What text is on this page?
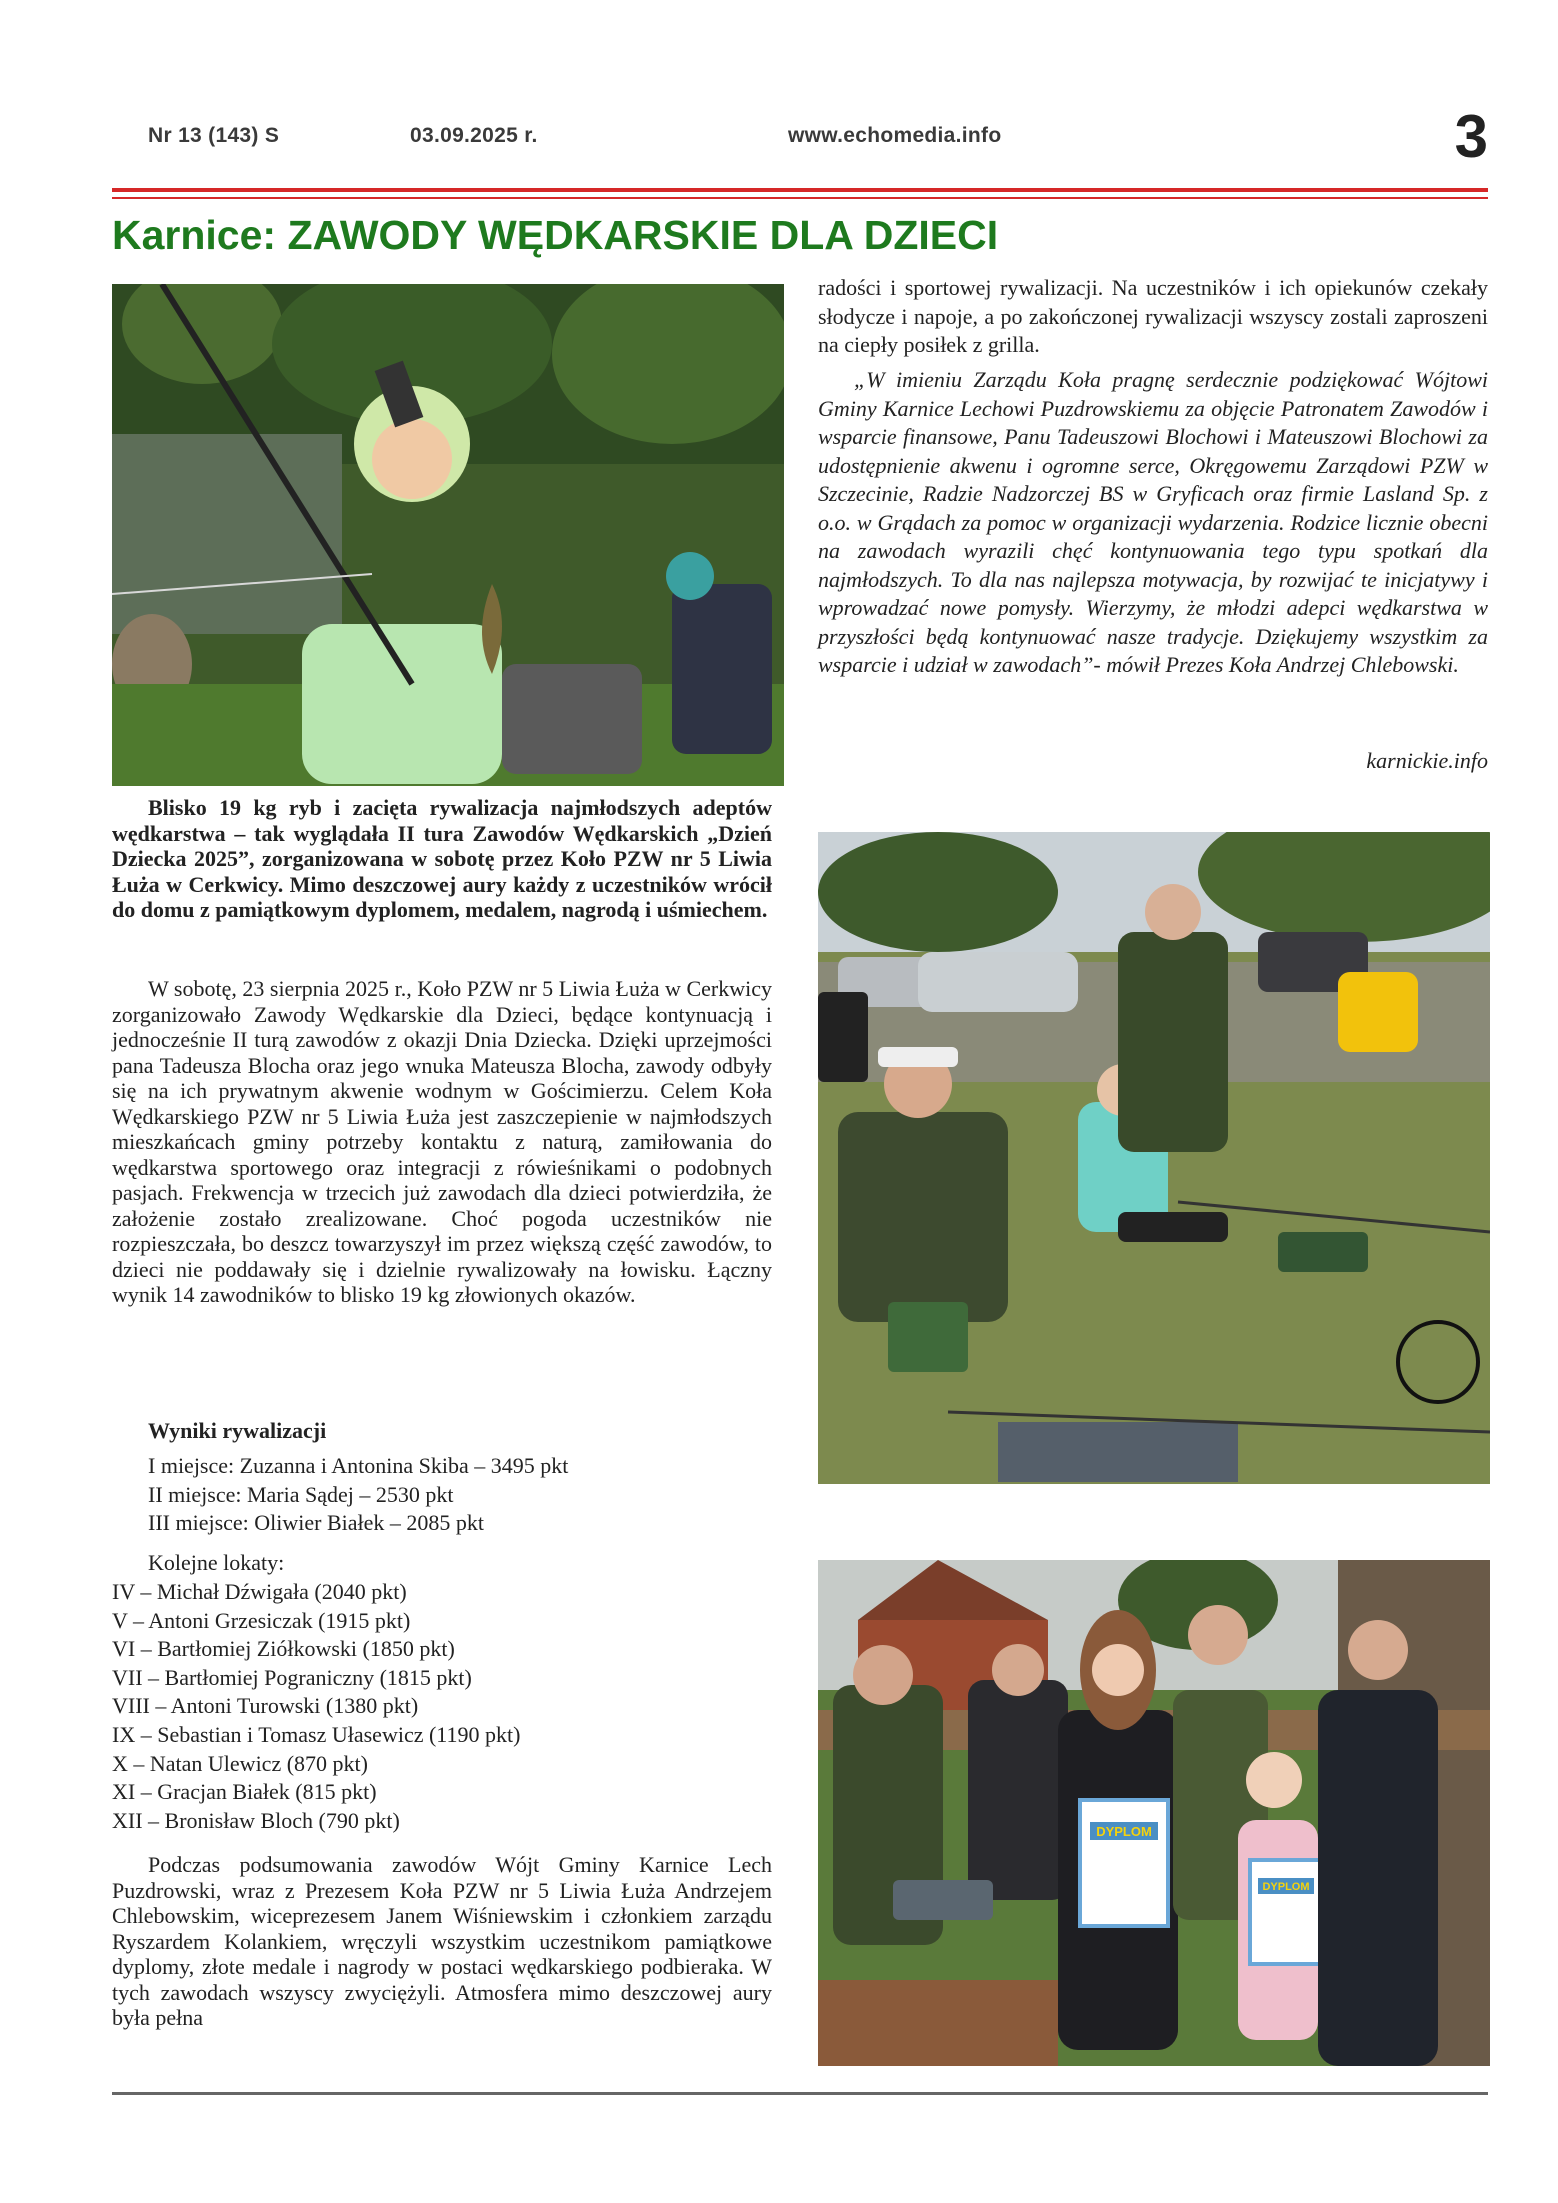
Nr 13 (143) S	03.09.2025 r.	www.echomedia.info	3
Karnice: ZAWODY WĘDKARSKIE DLA DZIECI
Blisko 19 kg ryb i zacięta rywalizacja najmłodszych adeptów wędkarstwa – tak wyglądała II tura Zawodów Wędkarskich „Dzień Dziecka 2025”, zorganizowana w sobotę przez Koło PZW nr 5 Liwia Łuża w Cerkwicy. Mimo deszczowej aury każdy z uczestników wrócił do domu z pamiątkowym dyplomem, medalem, nagrodą i uśmiechem.
W sobotę, 23 sierpnia 2025 r., Koło PZW nr 5 Liwia Łuża w Cerkwicy zorganizowało Zawody Wędkarskie dla Dzieci, będące kontynuacją i jednocześnie II turą zawodów z okazji Dnia Dziecka. Dzięki uprzejmości pana Tadeusza Blocha oraz jego wnuka Mateusza Blocha, zawody odbyły się na ich prywatnym akwenie wodnym w Gościmierzu. Celem Koła Wędkarskiego PZW nr 5 Liwia Łuża jest zaszczepienie w najmłodszych mieszkańcach gminy potrzeby kontaktu z naturą, zamiłowania do wędkarstwa sportowego oraz integracji z rówieśnikami o podobnych pasjach. Frekwencja w trzecich już zawodach dla dzieci potwierdziła, że założenie zostało zrealizowane. Choć pogoda uczestników nie rozpieszczała, bo deszcz towarzyszył im przez większą część zawodów, to dzieci nie poddawały się i dzielnie rywalizowały na łowisku. Łączny wynik 14 zawodników to blisko 19 kg złowionych okazów.
Wyniki rywalizacji
I miejsce: Zuzanna i Antonina Skiba – 3495 pkt
II miejsce: Maria Sądej – 2530 pkt
III miejsce: Oliwier Białek – 2085 pkt
Kolejne lokaty:
IV – Michał Dźwigała (2040 pkt)
V – Antoni Grzesiczak (1915 pkt)
VI – Bartłomiej Ziółkowski (1850 pkt)
VII – Bartłomiej Pograniczny (1815 pkt)
VIII – Antoni Turowski (1380 pkt)
IX – Sebastian i Tomasz Ułasewicz (1190 pkt)
X – Natan Ulewicz (870 pkt)
XI – Gracjan Białek (815 pkt)
XII – Bronisław Bloch (790 pkt)
Podczas podsumowania zawodów Wójt Gminy Karnice Lech Puzdrowski, wraz z Prezesem Koła PZW nr 5 Liwia Łuża Andrzejem Chlebowskim, wiceprezesem Janem Wiśniewskim i członkiem zarządu Ryszardem Kolankiem, wręczyli wszystkim uczestnikom pamiątkowe dyplomy, złote medale i nagrody w postaci wędkarskiego podbieraka. W tych zawodach wszyscy zwyciężyli. Atmosfera mimo deszczowej aury była pełna
radości i sportowej rywalizacji. Na uczestników i ich opiekunów czekały słodycze i napoje, a po zakończonej rywalizacji wszyscy zostali zaproszeni na ciepły posiłek z grilla.
„W imieniu Zarządu Koła pragnę serdecznie podziękować Wójtowi Gminy Karnice Lechowi Puzdrowskiemu za objęcie Patronatem Zawodów i wsparcie finansowe, Panu Tadeuszowi Blochowi i Mateuszowi Blochowi za udostępnienie akwenu i ogromne serce, Okręgowemu Zarządowi PZW w Szczecinie, Radzie Nadzorczej BS w Gryficach oraz firmie Lasland Sp. z o.o. w Grądach za pomoc w organizacji wydarzenia. Rodzice licznie obecni na zawodach wyrazili chęć kontynuowania tego typu spotkań dla najmłodszych. To dla nas najlepsza motywacja, by rozwijać te inicjatywy i wprowadzać nowe pomysły. Wierzymy, że młodzi adepci wędkarstwa w przyszłości będą kontynuować nasze tradycje. Dziękujemy wszystkim za wsparcie i udział w zawodach”- mówił Prezes Koła Andrzej Chlebowski.
karnickie.info
DYPLOM
DYPLOM
